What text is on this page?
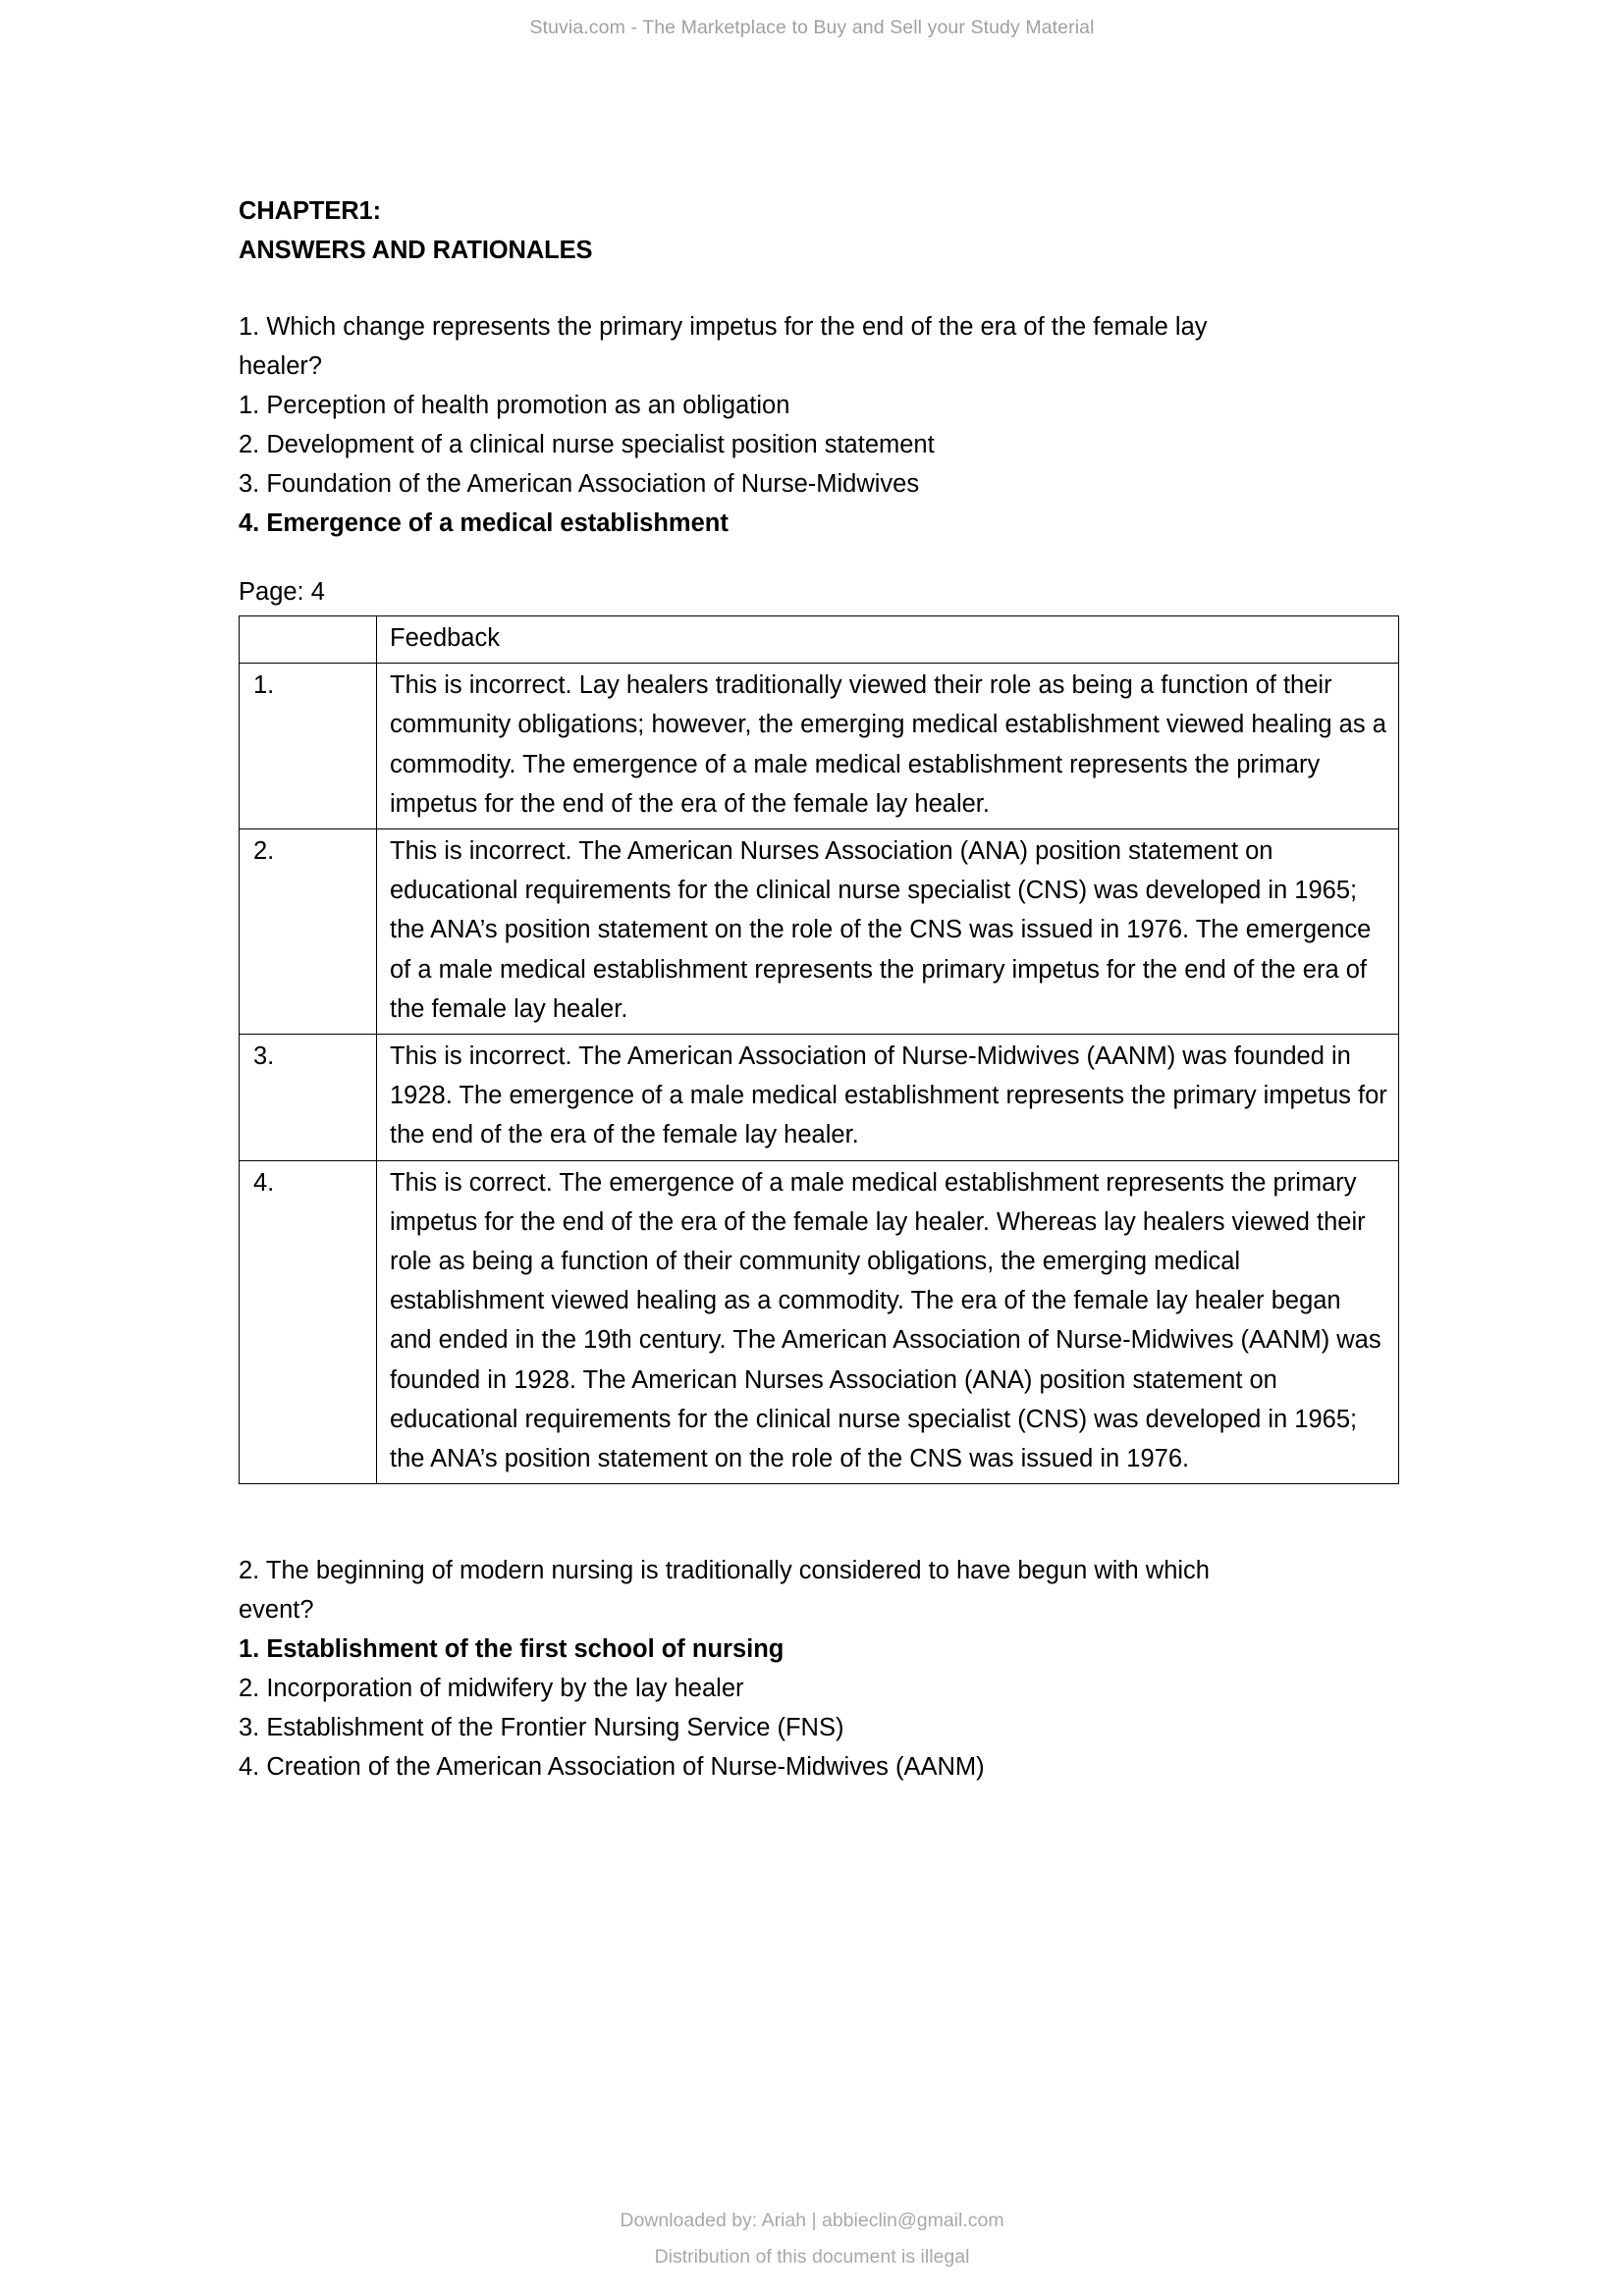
Stuvia.com - The Marketplace to Buy and Sell your Study Material
CHAPTER1:
ANSWERS AND RATIONALES
1. Which change represents the primary impetus for the end of the era of the female lay
healer?
1. Perception of health promotion as an obligation
2. Development of a clinical nurse specialist position statement
3. Foundation of the American Association of Nurse-Midwives
4. Emergence of a medical establishment
Page: 4
	Feedback
1.	This is incorrect. Lay healers traditionally viewed their role as being a function of their community obligations; however, the emerging medical establishment viewed healing as a commodity. The emergence of a male medical establishment represents the primary impetus for the end of the era of the female lay healer.
2.	This is incorrect. The American Nurses Association (ANA) position statement on educational requirements for the clinical nurse specialist (CNS) was developed in 1965; the ANA’s position statement on the role of the CNS was issued in 1976. The emergence of a male medical establishment represents the primary impetus for the end of the era of the female lay healer.
3.	This is incorrect. The American Association of Nurse-Midwives (AANM) was founded in 1928. The emergence of a male medical establishment represents the primary impetus for the end of the era of the female lay healer.
4.	This is correct. The emergence of a male medical establishment represents the primary impetus for the end of the era of the female lay healer. Whereas lay healers viewed their role as being a function of their community obligations, the emerging medical establishment viewed healing as a commodity. The era of the female lay healer began and ended in the 19th century. The American Association of Nurse-Midwives (AANM) was founded in 1928. The American Nurses Association (ANA) position statement on educational requirements for the clinical nurse specialist (CNS) was developed in 1965; the ANA’s position statement on the role of the CNS was issued in 1976.
2. The beginning of modern nursing is traditionally considered to have begun with which
event?
1. Establishment of the first school of nursing
2. Incorporation of midwifery by the lay healer
3. Establishment of the Frontier Nursing Service (FNS)
4. Creation of the American Association of Nurse-Midwives (AANM)
Downloaded by: Ariah | abbieclin@gmail.com
Distribution of this document is illegal
